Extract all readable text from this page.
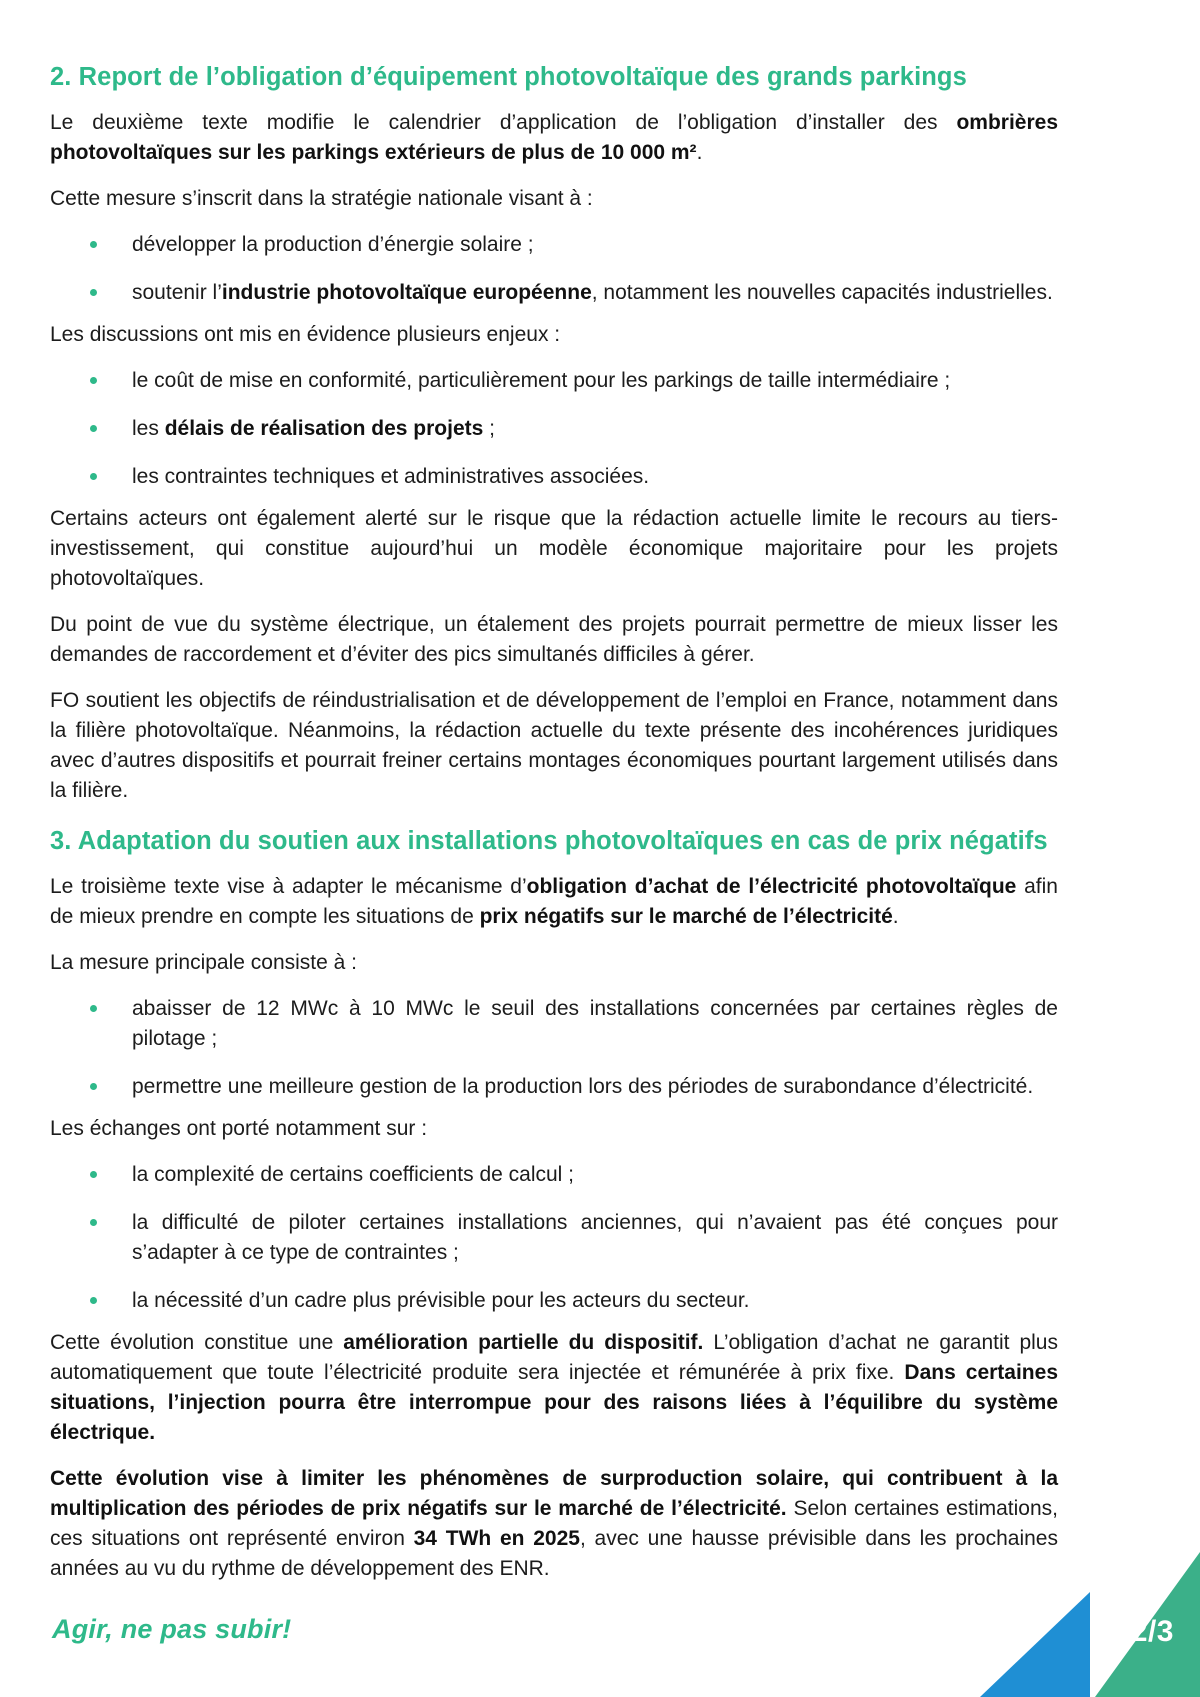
2. Report de l’obligation d’équipement photovoltaïque des grands parkings

Le deuxième texte modifie le calendrier d’application de l’obligation d’installer des ombrières photovoltaïques sur les parkings extérieurs de plus de 10 000 m².

Cette mesure s’inscrit dans la stratégie nationale visant à :

développer la production d’énergie solaire ;
soutenir l’industrie photovoltaïque européenne, notamment les nouvelles capacités industrielles.

Les discussions ont mis en évidence plusieurs enjeux :

le coût de mise en conformité, particulièrement pour les parkings de taille intermédiaire ;
les délais de réalisation des projets ;
les contraintes techniques et administratives associées.

Certains acteurs ont également alerté sur le risque que la rédaction actuelle limite le recours au tiers-investissement, qui constitue aujourd’hui un modèle économique majoritaire pour les projets photovoltaïques.

Du point de vue du système électrique, un étalement des projets pourrait permettre de mieux lisser les demandes de raccordement et d’éviter des pics simultanés difficiles à gérer.

FO soutient les objectifs de réindustrialisation et de développement de l’emploi en France, notamment dans la filière photovoltaïque. Néanmoins, la rédaction actuelle du texte présente des incohérences juridiques avec d’autres dispositifs et pourrait freiner certains montages économiques pourtant largement utilisés dans la filière.

3. Adaptation du soutien aux installations photovoltaïques en cas de prix négatifs

Le troisième texte vise à adapter le mécanisme d’obligation d’achat de l’électricité photovoltaïque afin de mieux prendre en compte les situations de prix négatifs sur le marché de l’électricité.

La mesure principale consiste à :

abaisser de 12 MWc à 10 MWc le seuil des installations concernées par certaines règles de pilotage ;
permettre une meilleure gestion de la production lors des périodes de surabondance d’électricité.

Les échanges ont porté notamment sur :

la complexité de certains coefficients de calcul ;
la difficulté de piloter certaines installations anciennes, qui n’avaient pas été conçues pour s’adapter à ce type de contraintes ;
la nécessité d’un cadre plus prévisible pour les acteurs du secteur.

Cette évolution constitue une amélioration partielle du dispositif. L’obligation d’achat ne garantit plus automatiquement que toute l’électricité produite sera injectée et rémunérée à prix fixe. Dans certaines situations, l’injection pourra être interrompue pour des raisons liées à l’équilibre du système électrique.

Cette évolution vise à limiter les phénomènes de surproduction solaire, qui contribuent à la multiplication des périodes de prix négatifs sur le marché de l’électricité. Selon certaines estimations, ces situations ont représenté environ 34 TWh en 2025, avec une hausse prévisible dans les prochaines années au vu du rythme de développement des ENR.

Agir, ne pas subir!	2/3
